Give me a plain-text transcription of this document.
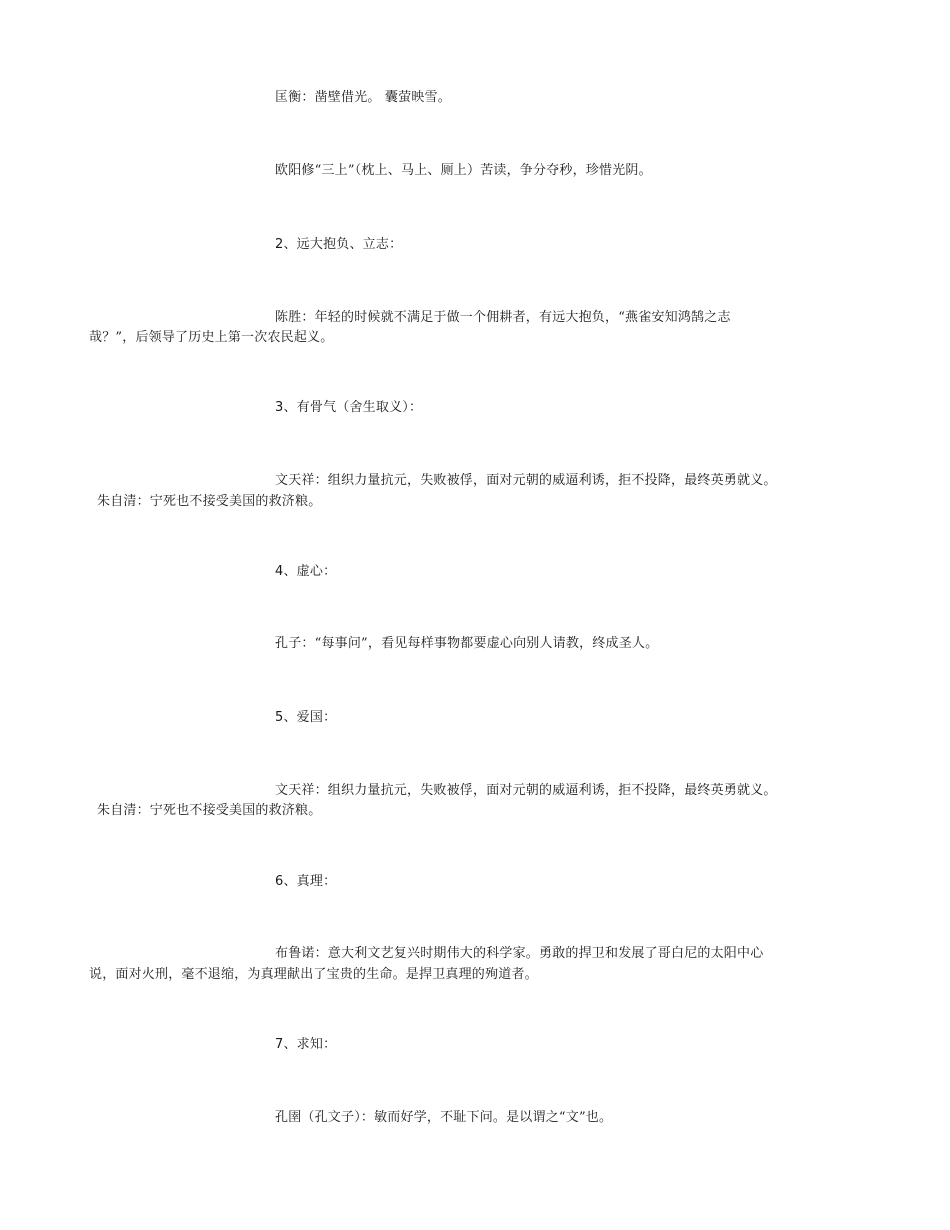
匡衡：凿壁借光。 囊萤映雪。
欧阳修“三上”（枕上、马上、厕上）苦读，争分夺秒，珍惜光阴。
2、远大抱负、立志：
陈胜：年轻的时候就不满足于做一个佣耕者，有远大抱负，“燕雀安知鸿鹄之志
哉？”，后领导了历史上第一次农民起义。
3、有骨气（舍生取义）：
文天祥：组织力量抗元，失败被俘，面对元朝的威逼利诱，拒不投降，最终英勇就义。
朱自清：宁死也不接受美国的救济粮。
4、虚心：
孔子：“每事问”，看见每样事物都要虚心向别人请教，终成圣人。
5、爱国：
文天祥：组织力量抗元，失败被俘，面对元朝的威逼利诱，拒不投降，最终英勇就义。
朱自清：宁死也不接受美国的救济粮。
6、真理：
布鲁诺：意大利文艺复兴时期伟大的科学家。勇敢的捍卫和发展了哥白尼的太阳中心
说，面对火刑，毫不退缩，为真理献出了宝贵的生命。是捍卫真理的殉道者。
7、求知：
孔圉（孔文子）：敏而好学，不耻下问。是以谓之“文”也。
